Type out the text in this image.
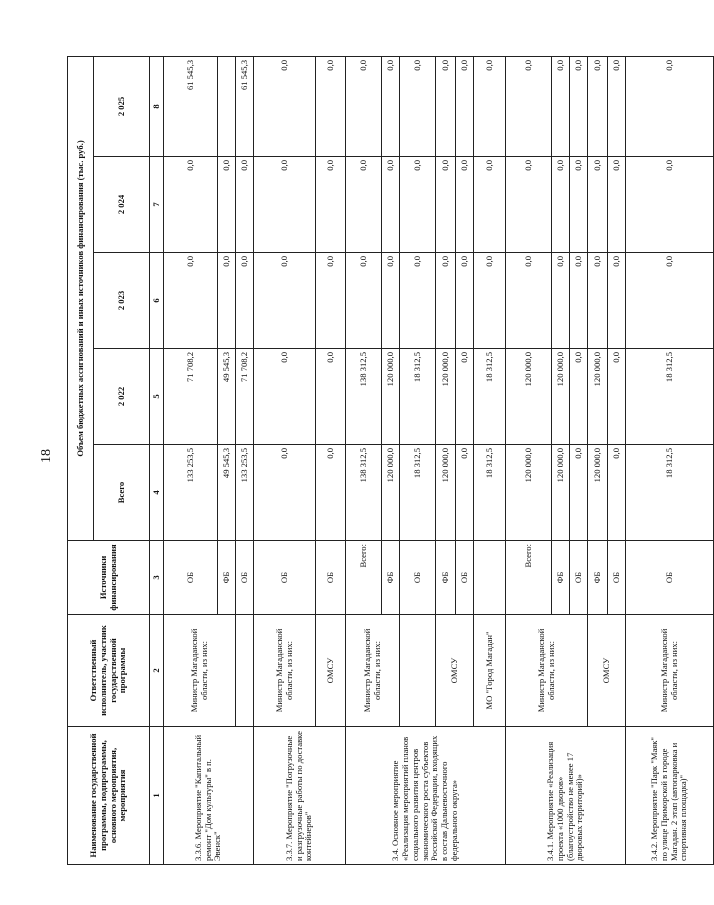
18
Наименование государственной программы, подпрограммы, основного мероприятия, мероприятия	Ответственный исполнитель, участник государственной программы	Источники финансирования	Объем бюджетных ассигнований и иных источников финансирования (тыс. руб.)				
			Всего	2 022	2 023	2 024	2 025
1	2	3	4	5	6	7	8
3.3.6. Мероприятие "Капитальный ремонт "Дом культуры" в п. Эвенск"	Министр Магаданской области, из них:	ОБ	133 253,5	71 708,2	0,0	0,0	61 545,3
		ФБ	49 545,3	49 545,3	0,0	0,0	
		ОБ	133 253,5	71 708,2	0,0	0,0	61 545,3
3.3.7. Мероприятие "Погрузочные и разгрузочные работы по доставке контейнеров"	Министр Магаданской области, из них:	ОБ	0,0	0,0	0,0	0,0	0,0
	ОМСУ	ОБ	0,0	0,0	0,0	0,0	0,0
3.4. Основное мероприятие «Реализация мероприятий планов социального развития центров экономического роста субъектов Российской Федерации, входящих в состав Дальневосточного федерального округа»	Министр Магаданской области, из них:	Всего:	138 312,5	138 312,5	0,0	0,0	0,0
		ФБ	120 000,0	120 000,0	0,0	0,0	0,0
		ОБ	18 312,5	18 312,5	0,0	0,0	0,0
	ОМСУ	ФБ	120 000,0	120 000,0	0,0	0,0	0,0
		ОБ	0,0	0,0	0,0	0,0	0,0
	МО "Город Магадан"		18 312,5	18 312,5	0,0	0,0	0,0
3.4.1. Мероприятие «Реализация проекта «1000 дворов» (благоустройство не менее 17 дворовых территорий)»	Министр Магаданской области, из них:	Всего:	120 000,0	120 000,0	0,0	0,0	0,0
		ФБ	120 000,0	120 000,0	0,0	0,0	0,0
		ОБ	0,0	0,0	0,0	0,0	0,0
	ОМСУ	ФБ	120 000,0	120 000,0	0,0	0,0	0,0
		ОБ	0,0	0,0	0,0	0,0	0,0
3.4.2. Мероприятие "Парк "Маяк" по улице Приморской в городе Магадан. 2 этап (автопарковка и спортивная площадка)"	Министр Магаданской области, из них:	ОБ	18 312,5	18 312,5	0,0	0,0	0,0
